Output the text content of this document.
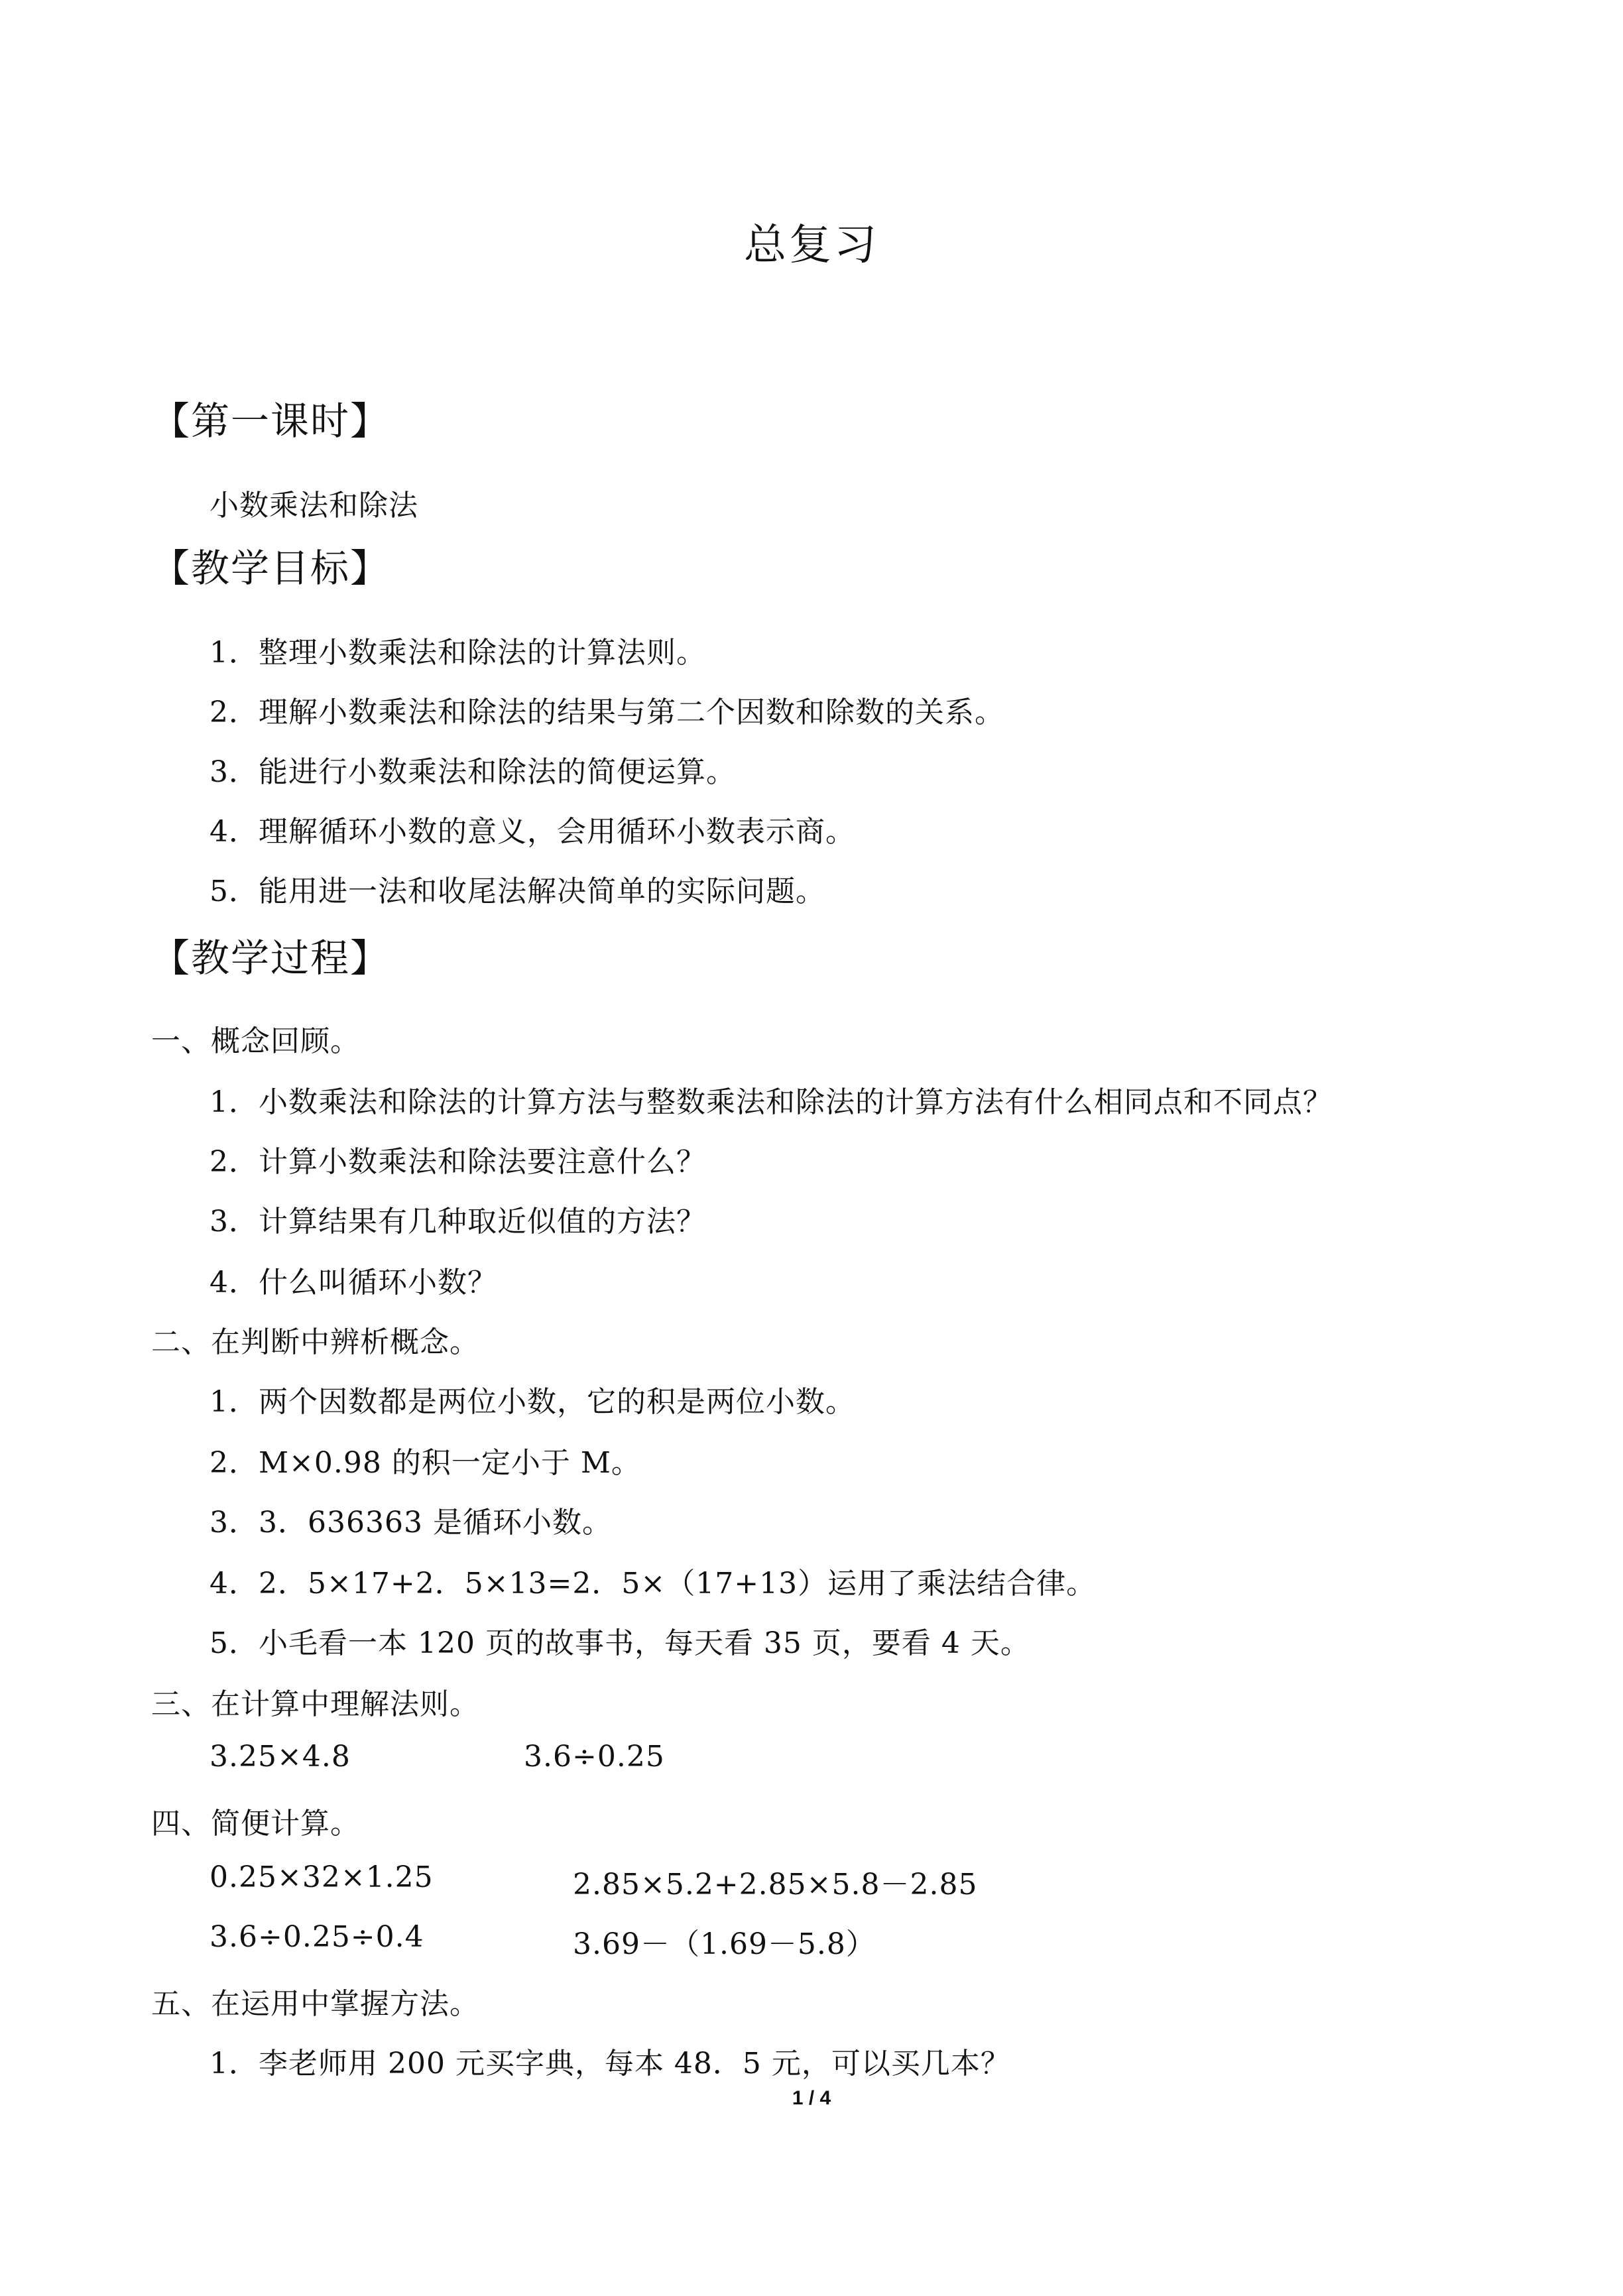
总复习
【第一课时】
小数乘法和除法
【教学目标】
1．整理小数乘法和除法的计算法则。
2．理解小数乘法和除法的结果与第二个因数和除数的关系。
3．能进行小数乘法和除法的简便运算。
4．理解循环小数的意义，会用循环小数表示商。
5．能用进一法和收尾法解决简单的实际问题。
【教学过程】
一、概念回顾。
1．小数乘法和除法的计算方法与整数乘法和除法的计算方法有什么相同点和不同点？
2．计算小数乘法和除法要注意什么？
3．计算结果有几种取近似值的方法？
4．什么叫循环小数？
二、在判断中辨析概念。
1．两个因数都是两位小数，它的积是两位小数。
2．M×0.98 的积一定小于 M。
3．3．636363 是循环小数。
4．2．5×17+2．5×13=2．5×（17+13）运用了乘法结合律。
5．小毛看一本 120 页的故事书，每天看 35 页，要看 4 天。
三、在计算中理解法则。
3.25×4.8	3.6÷0.25
四、简便计算。
0.25×32×1.25	2.85×5.2+2.85×5.8－2.85
3.6÷0.25÷0.4	3.69－（1.69－5.8）
五、在运用中掌握方法。
1．李老师用 200 元买字典，每本 48．5 元，可以买几本？
1 / 4
